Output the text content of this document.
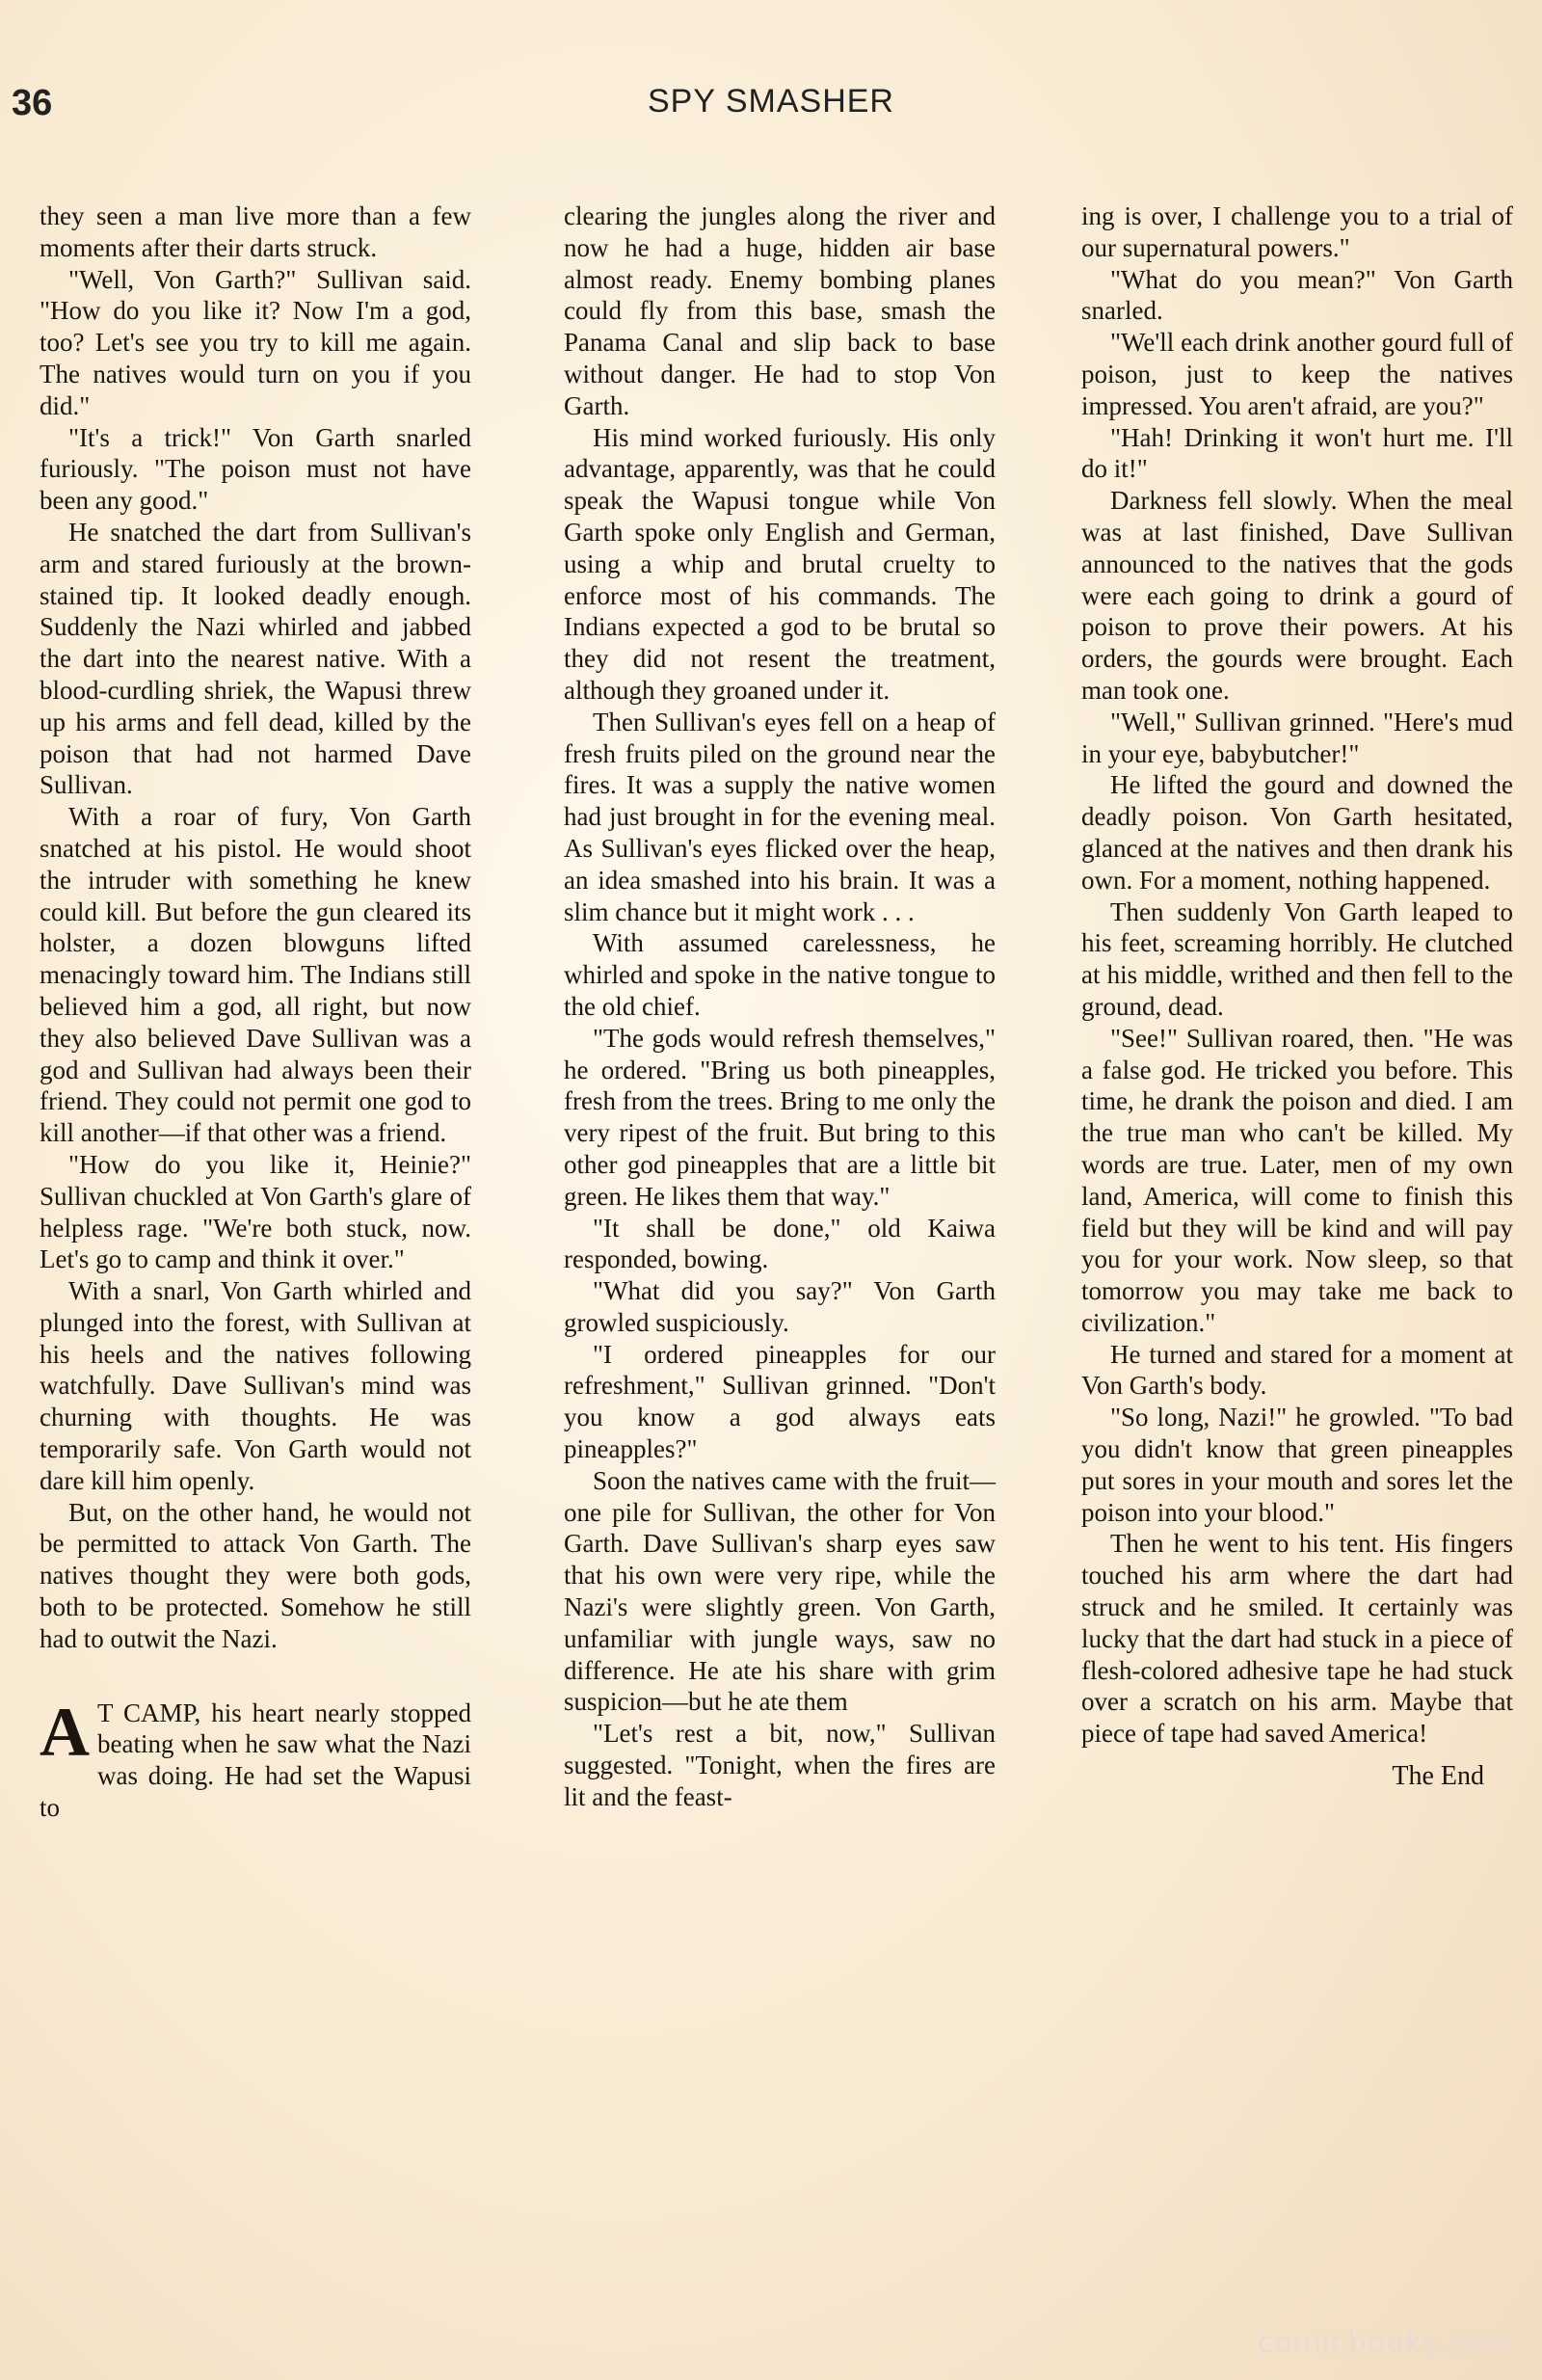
36	SPY SMASHER

they seen a man live more than a few moments after their darts struck.

"Well, Von Garth?" Sullivan said. "How do you like it? Now I'm a god, too? Let's see you try to kill me again. The natives would turn on you if you did."

"It's a trick!" Von Garth snarled furiously. "The poison must not have been any good."

He snatched the dart from Sullivan's arm and stared furiously at the brown-stained tip. It looked deadly enough. Suddenly the Nazi whirled and jabbed the dart into the nearest native. With a blood-curdling shriek, the Wapusi threw up his arms and fell dead, killed by the poison that had not harmed Dave Sullivan.

With a roar of fury, Von Garth snatched at his pistol. He would shoot the intruder with something he knew could kill. But before the gun cleared its holster, a dozen blowguns lifted menacingly toward him. The Indians still believed him a god, all right, but now they also believed Dave Sullivan was a god and Sullivan had always been their friend. They could not permit one god to kill another—if that other was a friend.

"How do you like it, Heinie?" Sullivan chuckled at Von Garth's glare of helpless rage. "We're both stuck, now. Let's go to camp and think it over."

With a snarl, Von Garth whirled and plunged into the forest, with Sullivan at his heels and the natives following watchfully. Dave Sullivan's mind was churning with thoughts. He was temporarily safe. Von Garth would not dare kill him openly.

But, on the other hand, he would not be permitted to attack Von Garth. The natives thought they were both gods, both to be protected. Somehow he still had to outwit the Nazi.

A T CAMP, his heart nearly stopped beating when he saw what the Nazi was doing. He had set the Wapusi to

clearing the jungles along the river and now he had a huge, hidden air base almost ready. Enemy bombing planes could fly from this base, smash the Panama Canal and slip back to base without danger. He had to stop Von Garth.

His mind worked furiously. His only advantage, apparently, was that he could speak the Wapusi tongue while Von Garth spoke only English and German, using a whip and brutal cruelty to enforce most of his commands. The Indians expected a god to be brutal so they did not resent the treatment, although they groaned under it.

Then Sullivan's eyes fell on a heap of fresh fruits piled on the ground near the fires. It was a supply the native women had just brought in for the evening meal. As Sullivan's eyes flicked over the heap, an idea smashed into his brain. It was a slim chance but it might work . . .

With assumed carelessness, he whirled and spoke in the native tongue to the old chief.

"The gods would refresh themselves," he ordered. "Bring us both pineapples, fresh from the trees. Bring to me only the very ripest of the fruit. But bring to this other god pineapples that are a little bit green. He likes them that way."

"It shall be done," old Kaiwa responded, bowing.

"What did you say?" Von Garth growled suspiciously.

"I ordered pineapples for our refreshment," Sullivan grinned. "Don't you know a god always eats pineapples?"

Soon the natives came with the fruit—one pile for Sullivan, the other for Von Garth. Dave Sullivan's sharp eyes saw that his own were very ripe, while the Nazi's were slightly green. Von Garth, unfamiliar with jungle ways, saw no difference. He ate his share with grim suspicion—but he ate them

"Let's rest a bit, now," Sullivan suggested. "Tonight, when the fires are lit and the feast-

ing is over, I challenge you to a trial of our supernatural powers."

"What do you mean?" Von Garth snarled.

"We'll each drink another gourd full of poison, just to keep the natives impressed. You aren't afraid, are you?"

"Hah! Drinking it won't hurt me. I'll do it!"

Darkness fell slowly. When the meal was at last finished, Dave Sullivan announced to the natives that the gods were each going to drink a gourd of poison to prove their powers. At his orders, the gourds were brought. Each man took one.

"Well," Sullivan grinned. "Here's mud in your eye, babybutcher!"

He lifted the gourd and downed the deadly poison. Von Garth hesitated, glanced at the natives and then drank his own. For a moment, nothing happened.

Then suddenly Von Garth leaped to his feet, screaming horribly. He clutched at his middle, writhed and then fell to the ground, dead.

"See!" Sullivan roared, then. "He was a false god. He tricked you before. This time, he drank the poison and died. I am the true man who can't be killed. My words are true. Later, men of my own land, America, will come to finish this field but they will be kind and will pay you for your work. Now sleep, so that tomorrow you may take me back to civilization."

He turned and stared for a moment at Von Garth's body.

"So long, Nazi!" he growled. "To bad you didn't know that green pineapples put sores in your mouth and sores let the poison into your blood."

Then he went to his tent. His fingers touched his arm where the dart had struck and he smiled. It certainly was lucky that the dart had stuck in a piece of flesh-colored adhesive tape he had stuck over a scratch on his arm. Maybe that piece of tape had saved America!

The End
comicbooks.com
